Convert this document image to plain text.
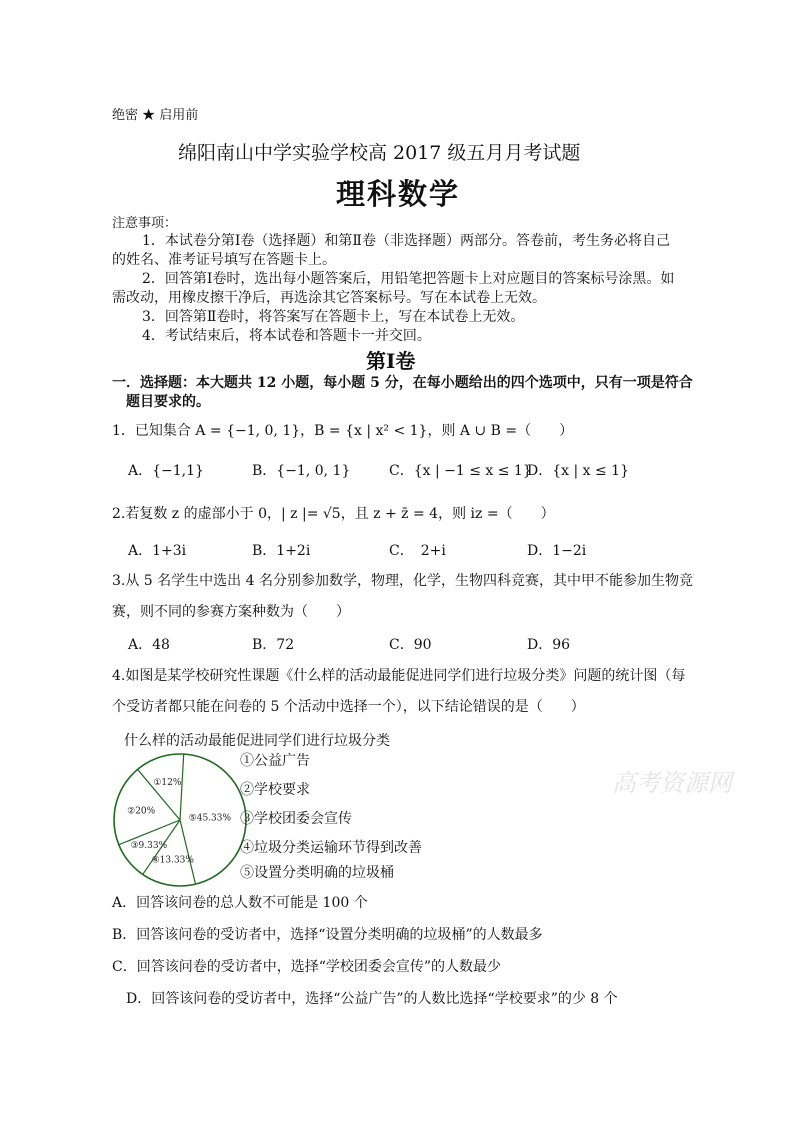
绝密 ★ 启用前
绵阳南山中学实验学校高 2017 级五月月考试题
理科数学
注意事项：
1．本试卷分第Ⅰ卷（选择题）和第Ⅱ卷（非选择题）两部分。答卷前，考生务必将自己
的姓名、准考证号填写在答题卡上。
2．回答第Ⅰ卷时，选出每小题答案后，用铅笔把答题卡上对应题目的答案标号涂黑。如
需改动，用橡皮擦干净后，再选涂其它答案标号。写在本试卷上无效。
3．回答第Ⅱ卷时，将答案写在答题卡上，写在本试卷上无效。
4．考试结束后，将本试卷和答题卡一并交回。
第Ⅰ卷
一．选择题：本大题共 12 小题，每小题 5 分，在每小题给出的四个选项中，只有一项是符合
题目要求的。
1．已知集合 A = {−1, 0, 1}，B = {x | x² < 1}，则 A ∪ B =（　　）
A．{−1,1}	B．{−1, 0, 1}	C．{x | −1 ≤ x ≤ 1}
D．{x | x ≤ 1}
2.若复数 z 的虚部小于 0，| z |= √5，且 z + z̄ = 4，则 iz =（　　）
A．1+3i	B．1+2i	C．　2+i	D．1−2i
3.从 5 名学生中选出 4 名分别参加数学，物理，化学，生物四科竞赛，其中甲不能参加生物竞
赛，则不同的参赛方案种数为（　　）
A．48	B．72	C．90	D．96
4.如图是某学校研究性课题《什么样的活动最能促进同学们进行垃圾分类》问题的统计图（每
个受访者都只能在问卷的 5 个活动中选择一个），以下结论错误的是（　　）
什么样的活动最能促进同学们进行垃圾分类
①12%
②20%
③9.33%
④13.33%
⑤45.33%
①公益广告
②学校要求
③学校团委会宣传
④垃圾分类运输环节得到改善
⑤设置分类明确的垃圾桶
高考资源网
A．回答该问卷的总人数不可能是 100 个
B．回答该问卷的受访者中，选择“设置分类明确的垃圾桶”的人数最多
C．回答该问卷的受访者中，选择“学校团委会宣传”的人数最少
D．回答该问卷的受访者中，选择“公益广告”的人数比选择“学校要求”的少 8 个
